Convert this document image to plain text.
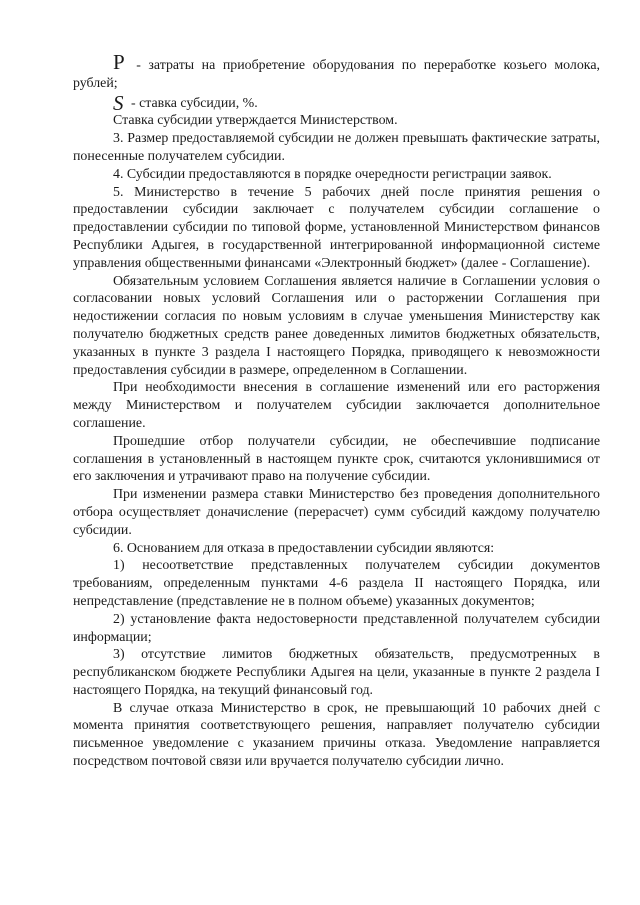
P - затраты на приобретение оборудования по переработке козьего молока, рублей;
S - ставка субсидии, %.

Ставка субсидии утверждается Министерством.

3. Размер предоставляемой субсидии не должен превышать фактические затраты, понесенные получателем субсидии.

4. Субсидии предоставляются в порядке очередности регистрации заявок.

5. Министерство в течение 5 рабочих дней после принятия решения о предоставлении субсидии заключает с получателем субсидии соглашение о предоставлении субсидии по типовой форме, установленной Министерством финансов Республики Адыгея, в государственной интегрированной информационной системе управления общественными финансами «Электронный бюджет» (далее - Соглашение).

Обязательным условием Соглашения является наличие в Соглашении условия о согласовании новых условий Соглашения или о расторжении Соглашения при недостижении согласия по новым условиям в случае уменьшения Министерству как получателю бюджетных средств ранее доведенных лимитов бюджетных обязательств, указанных в пункте 3 раздела I настоящего Порядка, приводящего к невозможности предоставления субсидии в размере, определенном в Соглашении.

При необходимости внесения в соглашение изменений или его расторжения между Министерством и получателем субсидии заключается дополнительное соглашение.

Прошедшие отбор получатели субсидии, не обеспечившие подписание соглашения в установленный в настоящем пункте срок, считаются уклонившимися от его заключения и утрачивают право на получение субсидии.

При изменении размера ставки Министерство без проведения дополнительного отбора осуществляет доначисление (перерасчет) сумм субсидий каждому получателю субсидии.

6. Основанием для отказа в предоставлении субсидии являются:

1) несоответствие представленных получателем субсидии документов требованиям, определенным пунктами 4-6 раздела II настоящего Порядка, или непредставление (представление не в полном объеме) указанных документов;

2) установление факта недостоверности представленной получателем субсидии информации;

3) отсутствие лимитов бюджетных обязательств, предусмотренных в республиканском бюджете Республики Адыгея на цели, указанные в пункте 2 раздела I настоящего Порядка, на текущий финансовый год.

В случае отказа Министерство в срок, не превышающий 10 рабочих дней с момента принятия соответствующего решения, направляет получателю субсидии письменное уведомление с указанием причины отказа. Уведомление направляется посредством почтовой связи или вручается получателю субсидии лично.
